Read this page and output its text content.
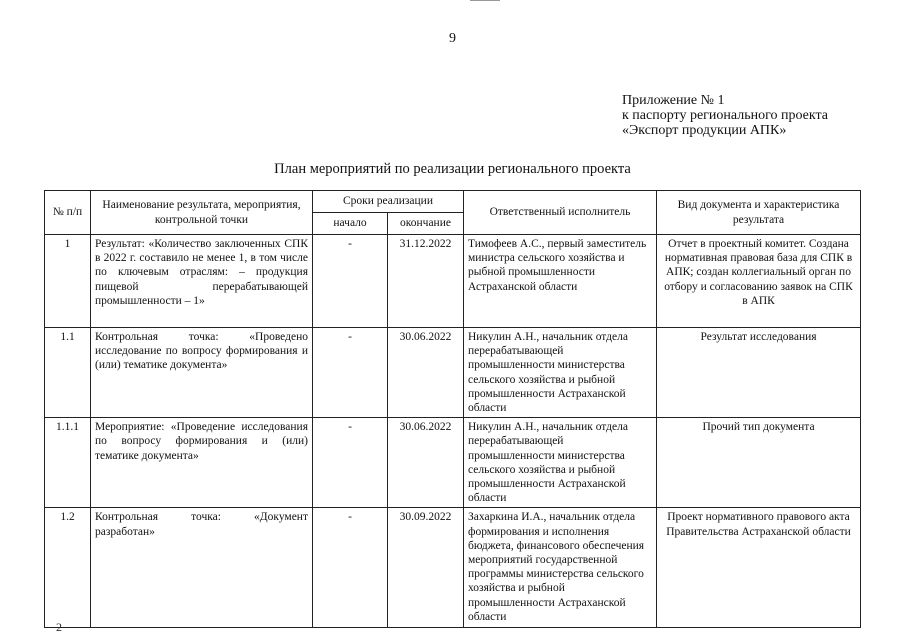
9
Приложение № 1
к паспорту регионального проекта
«Экспорт продукции АПК»
План мероприятий по реализации регионального проекта
№ п/п	Наименование результата, мероприятия, контрольной точки	Сроки реализации		Ответственный исполнитель	Вид документа и характеристика результата
		начало	окончание		
1	Результат: «Количество заключенных СПК в 2022 г. составило не менее 1, в том числе по ключевым отраслям: – продукция пищевой перерабатывающей промышленности – 1»	-	31.12.2022	Тимофеев А.С., первый заместитель министра сельского хозяйства и рыбной промышленности Астраханской области	Отчет в проектный комитет. Создана нормативная правовая база для СПК в АПК; создан коллегиальный орган по отбору и согласованию заявок на СПК в АПК
1.1	Контрольная точка: «Проведено исследование по вопросу формирования и (или) тематике документа»	-	30.06.2022	Никулин А.Н., начальник отдела перерабатывающей промышленности министерства сельского хозяйства и рыбной промышленности Астраханской области	Результат исследования
1.1.1	Мероприятие: «Проведение исследования по вопросу формирования и (или) тематике документа»	-	30.06.2022	Никулин А.Н., начальник отдела перерабатывающей промышленности министерства сельского хозяйства и рыбной промышленности Астраханской области	Прочий тип документа
1.2	Контрольная точка: «Документ разработан»	-	30.09.2022	Захаркина И.А., начальник отдела формирования и исполнения бюджета, финансового обеспечения мероприятий государственной программы министерства сельского хозяйства и рыбной промышленности Астраханской области	Проект нормативного правового акта Правительства Астраханской области
2
